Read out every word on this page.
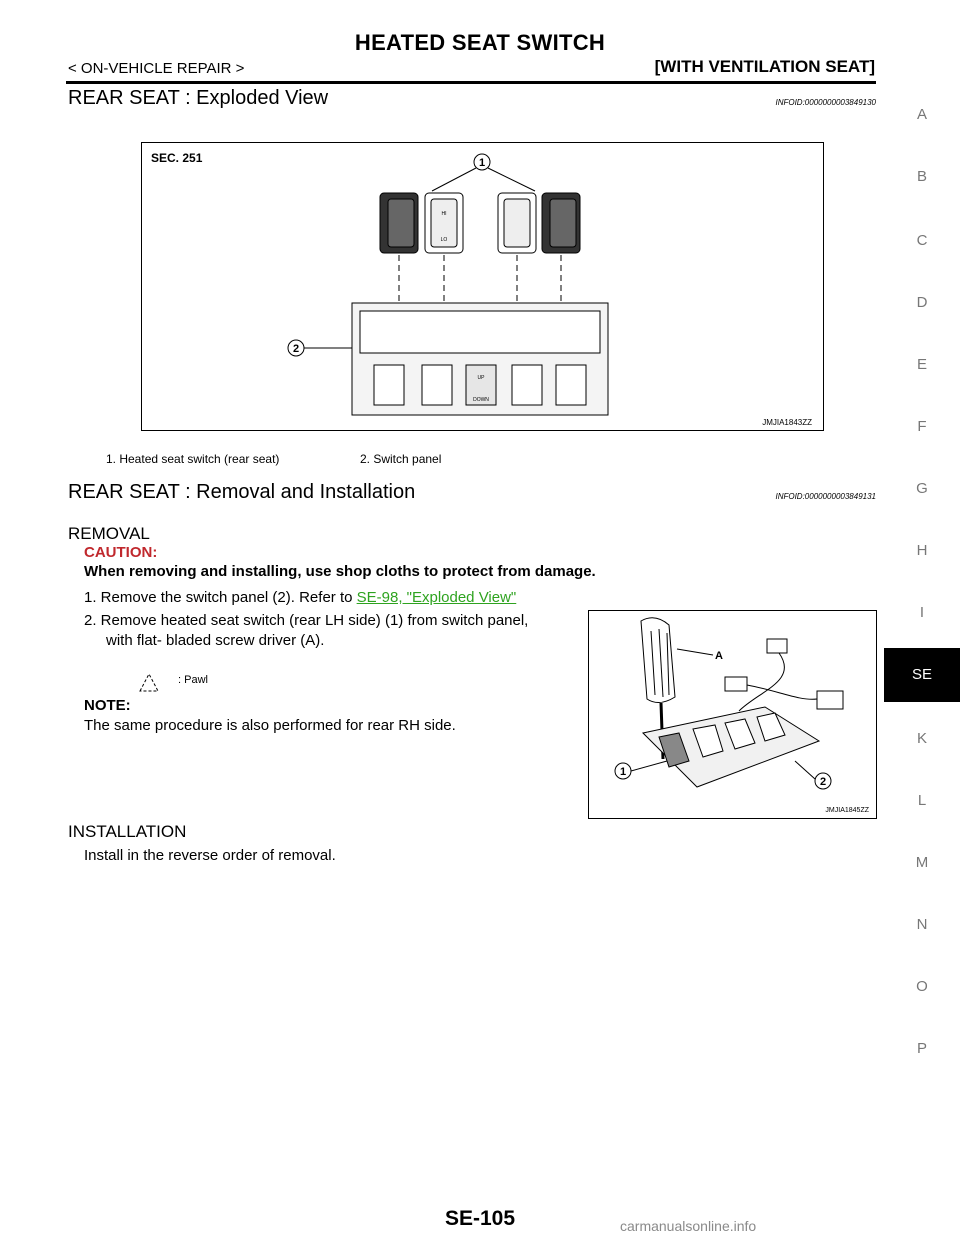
HEATED SEAT SWITCH
< ON-VEHICLE REPAIR >	[WITH VENTILATION SEAT]
REAR SEAT : Exploded View	INFOID:0000000003849130
SEC. 251
HI
LO
1
UP
DOWN
2
JMJIA1843ZZ
1. Heated seat switch (rear seat)	2. Switch panel
REAR SEAT : Removal and Installation	INFOID:0000000003849131
REMOVAL
CAUTION:
When removing and installing, use shop cloths to protect from damage.
1. Remove the switch panel (2). Refer to SE-98, "Exploded View"
2. Remove heated seat switch (rear LH side) (1) from switch panel,
with flat- bladed screw driver (A).
: Pawl
NOTE:
The same procedure is also performed for rear RH side.
A
1
2
JMJIA1845ZZ
INSTALLATION
Install in the reverse order of removal.
A
B
C
D
E
F
G
H
I
SE
K
L
M
N
O
P
SE-105	carmanualsonline.info
